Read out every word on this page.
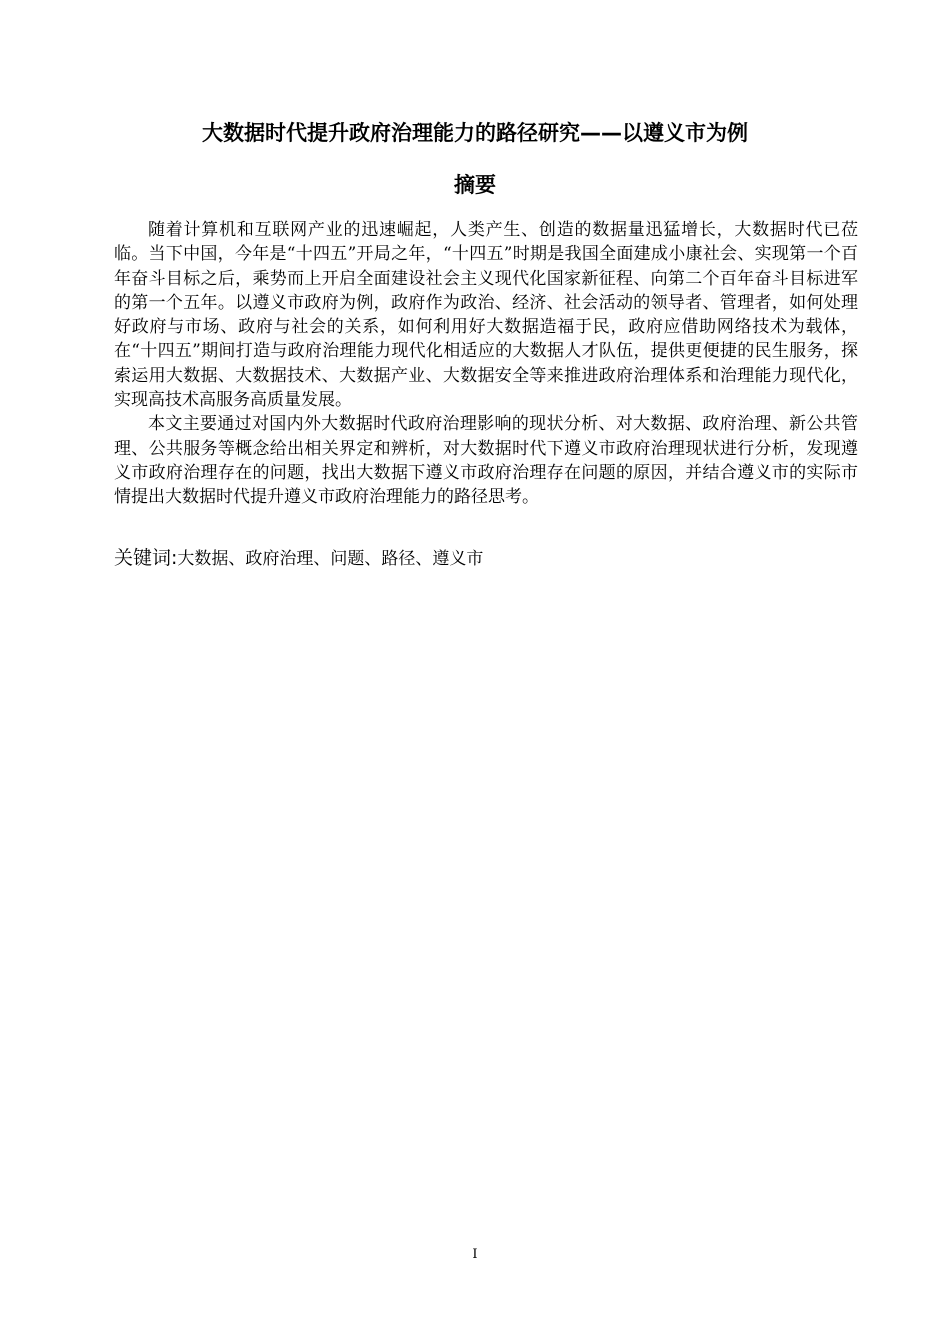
大数据时代提升政府治理能力的路径研究——以遵义市为例
摘要

随着计算机和互联网产业的迅速崛起，人类产生、创造的数据量迅猛增长，大数据时代已莅临。当下中国，今年是“十四五”开局之年，“十四五”时期是我国全面建成小康社会、实现第一个百年奋斗目标之后，乘势而上开启全面建设社会主义现代化国家新征程、向第二个百年奋斗目标进军的第一个五年。以遵义市政府为例，政府作为政治、经济、社会活动的领导者、管理者，如何处理好政府与市场、政府与社会的关系，如何利用好大数据造福于民，政府应借助网络技术为载体，在“十四五”期间打造与政府治理能力现代化相适应的大数据人才队伍，提供更便捷的民生服务，探索运用大数据、大数据技术、大数据产业、大数据安全等来推进政府治理体系和治理能力现代化，实现高技术高服务高质量发展。

本文主要通过对国内外大数据时代政府治理影响的现状分析、对大数据、政府治理、新公共管理、公共服务等概念给出相关界定和辨析，对大数据时代下遵义市政府治理现状进行分析，发现遵义市政府治理存在的问题，找出大数据下遵义市政府治理存在问题的原因，并结合遵义市的实际市情提出大数据时代提升遵义市政府治理能力的路径思考。

关键词:大数据、政府治理、问题、路径、遵义市
I
